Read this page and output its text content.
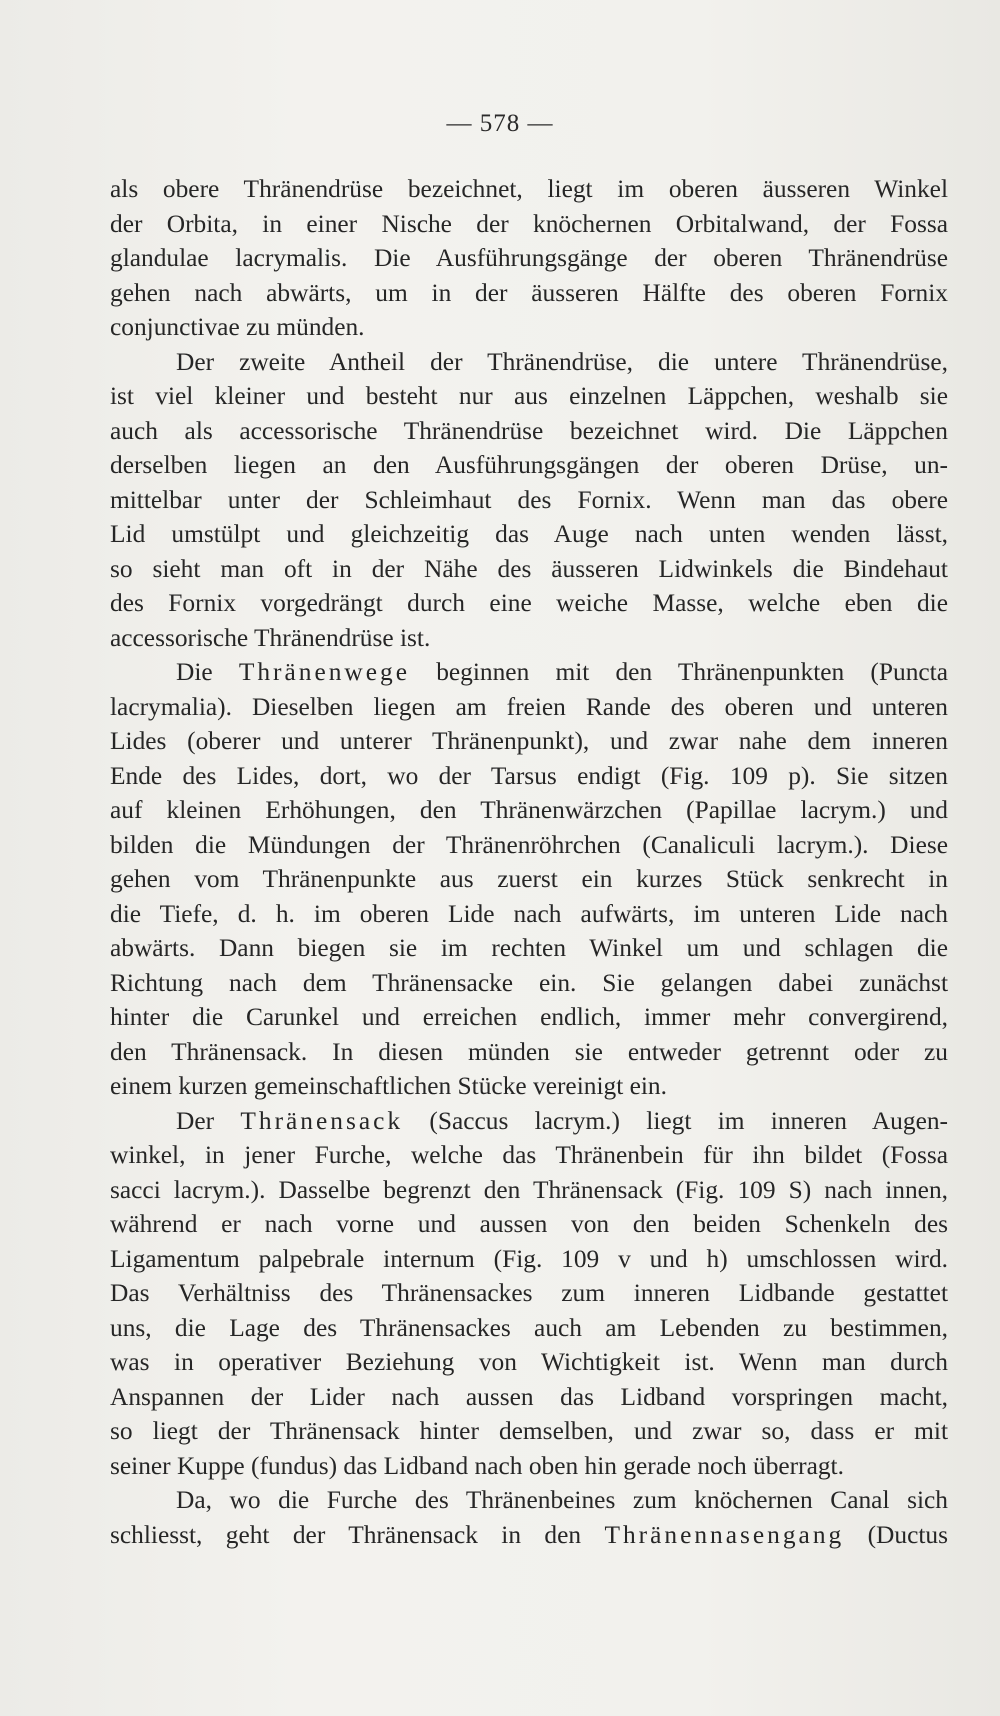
— 578 —
als obere Thränendrüse bezeichnet, liegt im oberen äusseren Winkel
der Orbita, in einer Nische der knöchernen Orbitalwand, der Fossa
glandulae lacrymalis. Die Ausführungsgänge der oberen Thränendrüse
gehen nach abwärts, um in der äusseren Hälfte des oberen Fornix
conjunctivae zu münden.
Der zweite Antheil der Thränendrüse, die untere Thränendrüse,
ist viel kleiner und besteht nur aus einzelnen Läppchen, weshalb sie
auch als accessorische Thränendrüse bezeichnet wird. Die Läppchen
derselben liegen an den Ausführungsgängen der oberen Drüse, un-
mittelbar unter der Schleimhaut des Fornix. Wenn man das obere
Lid umstülpt und gleichzeitig das Auge nach unten wenden lässt,
so sieht man oft in der Nähe des äusseren Lidwinkels die Bindehaut
des Fornix vorgedrängt durch eine weiche Masse, welche eben die
accessorische Thränendrüse ist.
Die Thränenwege beginnen mit den Thränenpunkten (Puncta
lacrymalia). Dieselben liegen am freien Rande des oberen und unteren
Lides (oberer und unterer Thränenpunkt), und zwar nahe dem inneren
Ende des Lides, dort, wo der Tarsus endigt (Fig. 109 p). Sie sitzen
auf kleinen Erhöhungen, den Thränenwärzchen (Papillae lacrym.) und
bilden die Mündungen der Thränenröhrchen (Canaliculi lacrym.). Diese
gehen vom Thränenpunkte aus zuerst ein kurzes Stück senkrecht in
die Tiefe, d. h. im oberen Lide nach aufwärts, im unteren Lide nach
abwärts. Dann biegen sie im rechten Winkel um und schlagen die
Richtung nach dem Thränensacke ein. Sie gelangen dabei zunächst
hinter die Carunkel und erreichen endlich, immer mehr convergirend,
den Thränensack. In diesen münden sie entweder getrennt oder zu
einem kurzen gemeinschaftlichen Stücke vereinigt ein.
Der Thränensack (Saccus lacrym.) liegt im inneren Augen-
winkel, in jener Furche, welche das Thränenbein für ihn bildet (Fossa
sacci lacrym.). Dasselbe begrenzt den Thränensack (Fig. 109 S) nach innen,
während er nach vorne und aussen von den beiden Schenkeln des
Ligamentum palpebrale internum (Fig. 109 v und h) umschlossen wird.
Das Verhältniss des Thränensackes zum inneren Lidbande gestattet
uns, die Lage des Thränensackes auch am Lebenden zu bestimmen,
was in operativer Beziehung von Wichtigkeit ist. Wenn man durch
Anspannen der Lider nach aussen das Lidband vorspringen macht,
so liegt der Thränensack hinter demselben, und zwar so, dass er mit
seiner Kuppe (fundus) das Lidband nach oben hin gerade noch überragt.
Da, wo die Furche des Thränenbeines zum knöchernen Canal sich
schliesst, geht der Thränensack in den Thränennasengang (Ductus
